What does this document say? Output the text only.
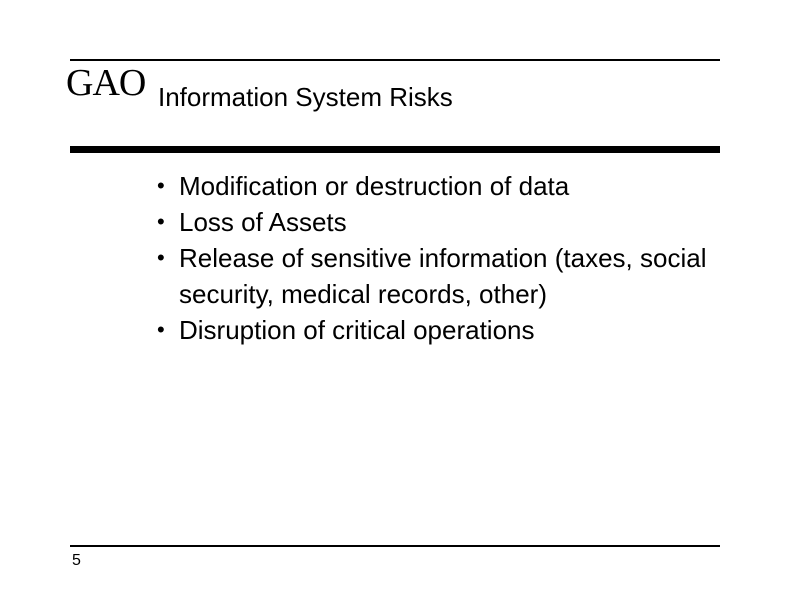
GAO Information System Risks
• Modification or destruction of data
• Loss of Assets
• Release of sensitive information (taxes, social security, medical records, other)
• Disruption of critical operations
5
